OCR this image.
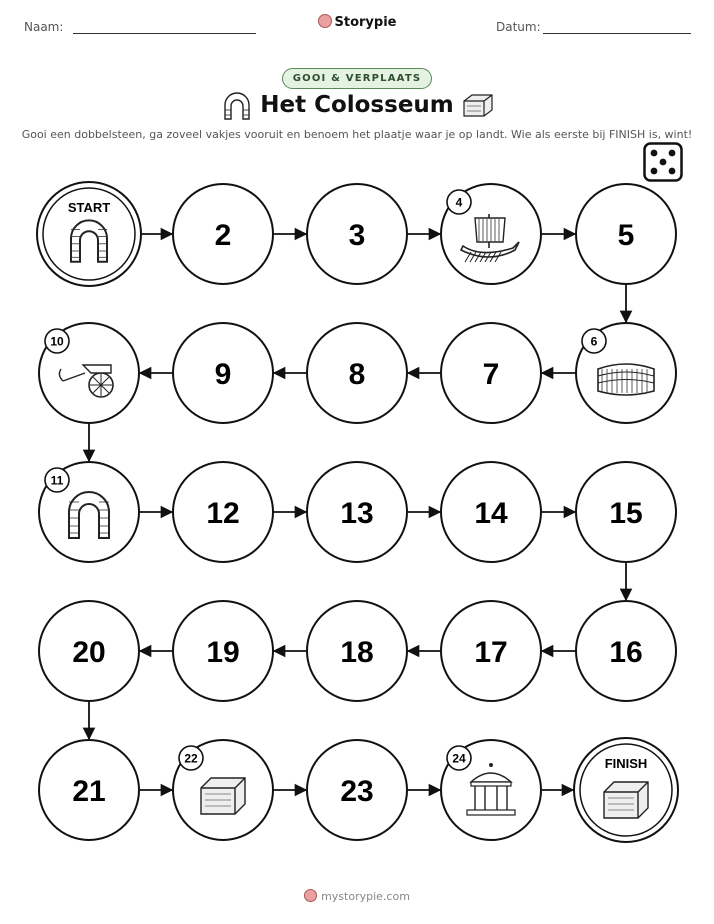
Naam:	Storypie	Datum:
GOOI & VERPLAATS
Het Colosseum
Gooi een dobbelsteen, ga zoveel vakjes vooruit en benoem het plaatje waar je op landt. Wie als eerste bij FINISH is, wint!
START
2	3
4
5
6
7
8
9
10
11
12	13	14	15
16
17
18
19
20
21
22
23
24	FINISH
mystorypie.com
